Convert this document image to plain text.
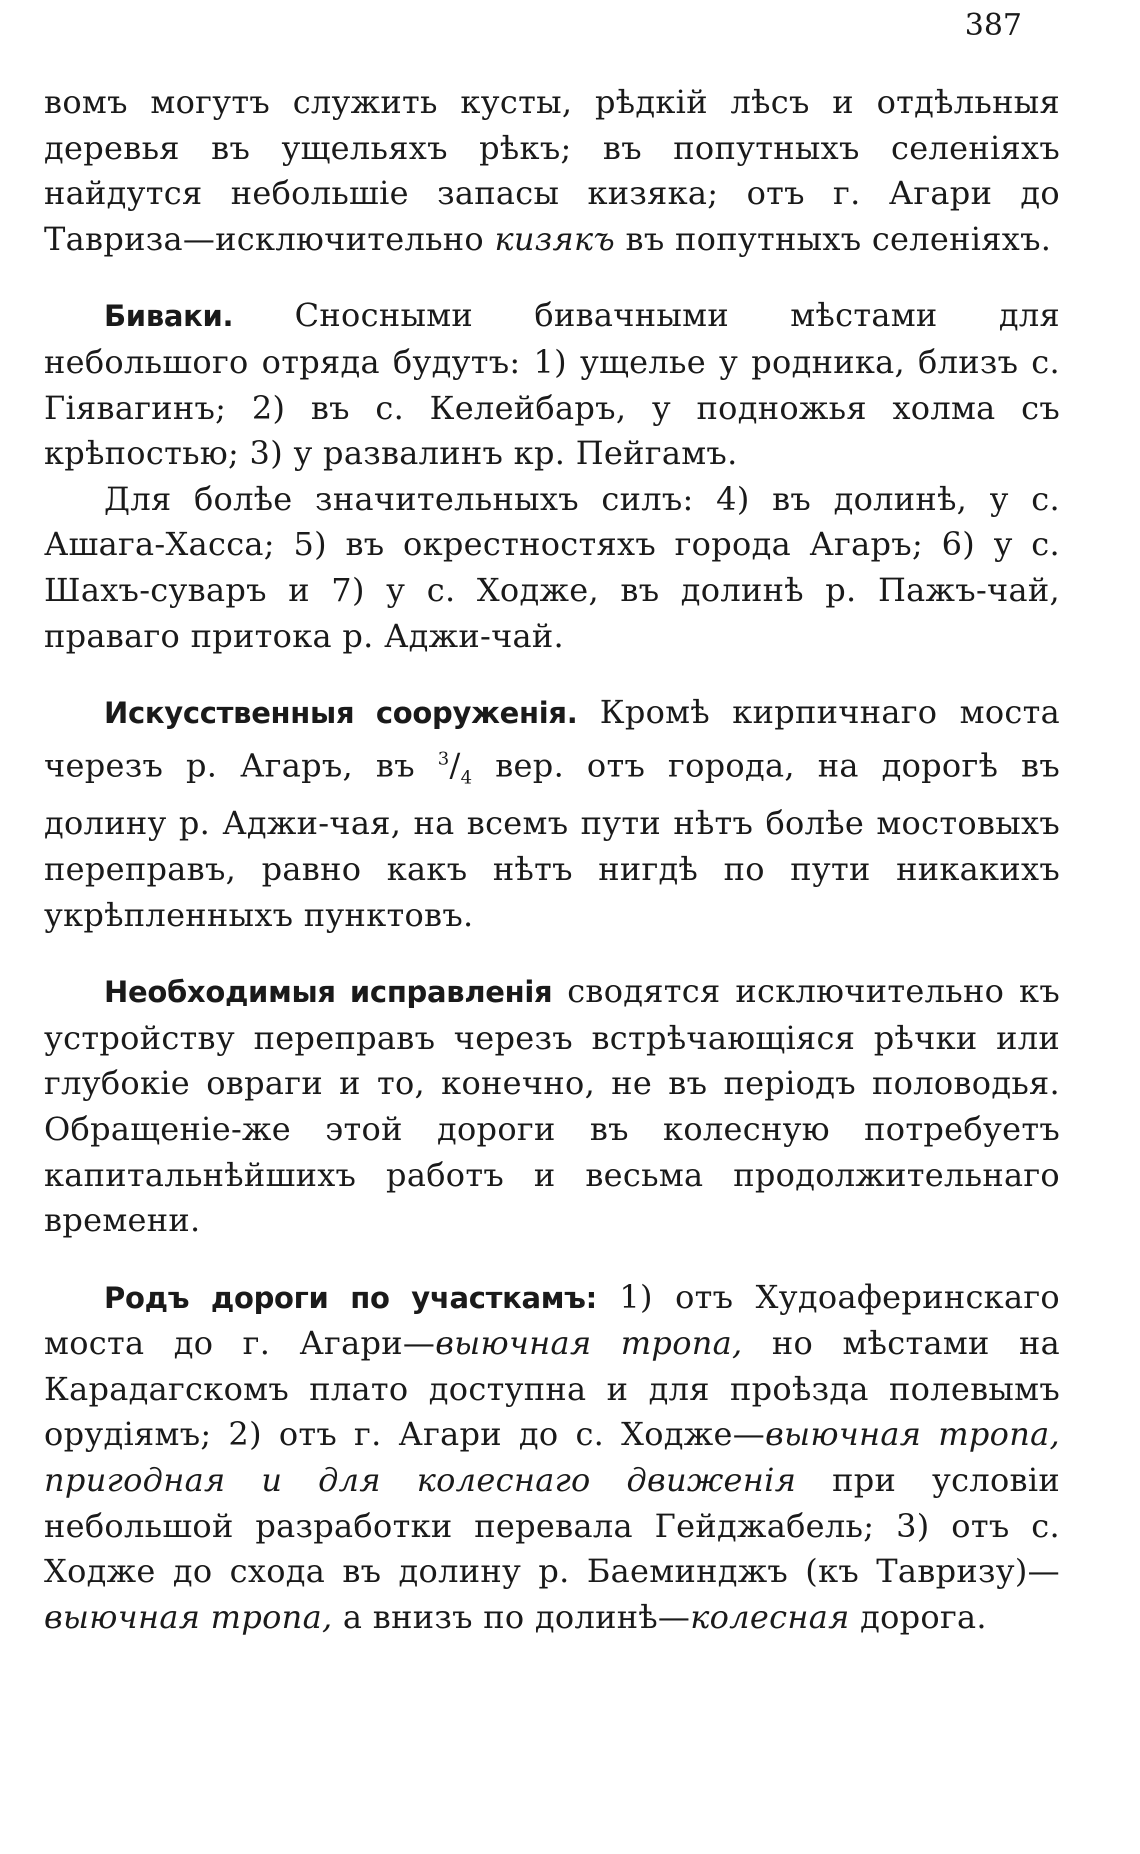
387

вомъ могутъ служить кусты, рѣдкій лѣсъ и отдѣльныя деревья въ ущельяхъ рѣкъ; въ попутныхъ селеніяхъ найдутся небольшіе запасы кизяка; отъ г. Агари до Тавриза—исключительно кизякъ въ попутныхъ селеніяхъ.

Биваки. Сносными бивачными мѣстами для небольшого отряда будутъ: 1) ущелье у родника, близъ с. Гіявагинъ; 2) въ с. Келейбаръ, у подножья холма съ крѣпостью; 3) у развалинъ кр. Пейгамъ.

Для болѣе значительныхъ силъ: 4) въ долинѣ, у с. Ашага-Хасса; 5) въ окрестностяхъ города Агаръ; 6) у с. Шахъ-суваръ и 7) у с. Ходже, въ долинѣ р. Пажъ-чай, праваго притока р. Аджи-чай.

Искусственныя сооруженія. Кромѣ кирпичнаго моста черезъ р. Агаръ, въ $^3/_4$ вер. отъ города, на дорогѣ въ долину р. Аджи-чая, на всемъ пути нѣтъ болѣе мостовыхъ переправъ, равно какъ нѣтъ нигдѣ по пути никакихъ укрѣпленныхъ пунктовъ.

Необходимыя исправленія сводятся исключительно къ устройству переправъ черезъ встрѣчающіяся рѣчки или глубокіе овраги и то, конечно, не въ періодъ половодья. Обращеніе-же этой дороги въ колесную потребуетъ капитальнѣйшихъ работъ и весьма продолжительнаго времени.

Родъ дороги по участкамъ: 1) отъ Худоаферинскаго моста до г. Агари—выючная тропа, но мѣстами на Карадагскомъ плато доступна и для проѣзда полевымъ орудіямъ; 2) отъ г. Агари до с. Ходже—выючная тропа, пригодная и для колеснаго движенія при условіи небольшой разработки перевала Гейджабель; 3) отъ с. Ходже до схода въ долину р. Баеминджъ (къ Тавризу)—выючная тропа, а внизъ по долинѣ—колесная дорога.
